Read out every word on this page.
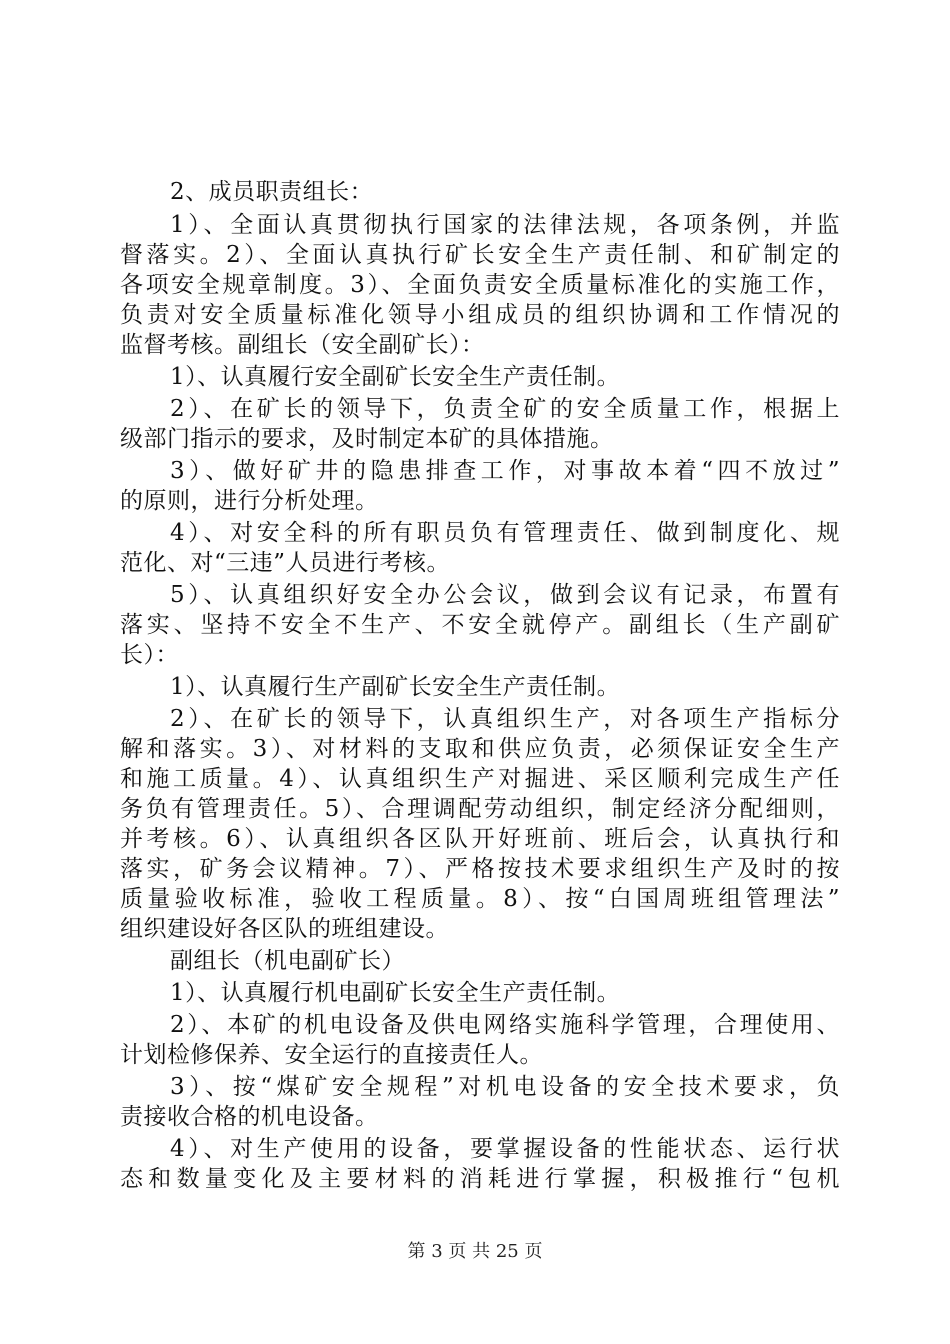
2、成员职责组长：
1）、全面认真贯彻执行国家的法律法规，各项条例，并监
督落实。2）、全面认真执行矿长安全生产责任制、和矿制定的
各项安全规章制度。3）、全面负责安全质量标准化的实施工作，
负责对安全质量标准化领导小组成员的组织协调和工作情况的
监督考核。副组长（安全副矿长）：
1）、认真履行安全副矿长安全生产责任制。
2）、在矿长的领导下，负责全矿的安全质量工作，根据上
级部门指示的要求，及时制定本矿的具体措施。
3）、做好矿井的隐患排查工作，对事故本着“四不放过”
的原则，进行分析处理。
4）、对安全科的所有职员负有管理责任、做到制度化、规
范化、对“三违”人员进行考核。
5）、认真组织好安全办公会议，做到会议有记录，布置有
落实、坚持不安全不生产、不安全就停产。副组长（生产副矿
长）：
1）、认真履行生产副矿长安全生产责任制。
2）、在矿长的领导下，认真组织生产，对各项生产指标分
解和落实。3）、对材料的支取和供应负责，必须保证安全生产
和施工质量。4）、认真组织生产对掘进、采区顺利完成生产任
务负有管理责任。5）、合理调配劳动组织，制定经济分配细则，
并考核。6）、认真组织各区队开好班前、班后会，认真执行和
落实，矿务会议精神。7）、严格按技术要求组织生产及时的按
质量验收标准，验收工程质量。8）、按“白国周班组管理法”
组织建设好各区队的班组建设。
副组长（机电副矿长）
1）、认真履行机电副矿长安全生产责任制。
2）、本矿的机电设备及供电网络实施科学管理，合理使用、
计划检修保养、安全运行的直接责任人。
3）、按“煤矿安全规程”对机电设备的安全技术要求，负
责接收合格的机电设备。
4）、对生产使用的设备，要掌握设备的性能状态、运行状
态和数量变化及主要材料的消耗进行掌握，积极推行“包机
第 3 页 共 25 页
